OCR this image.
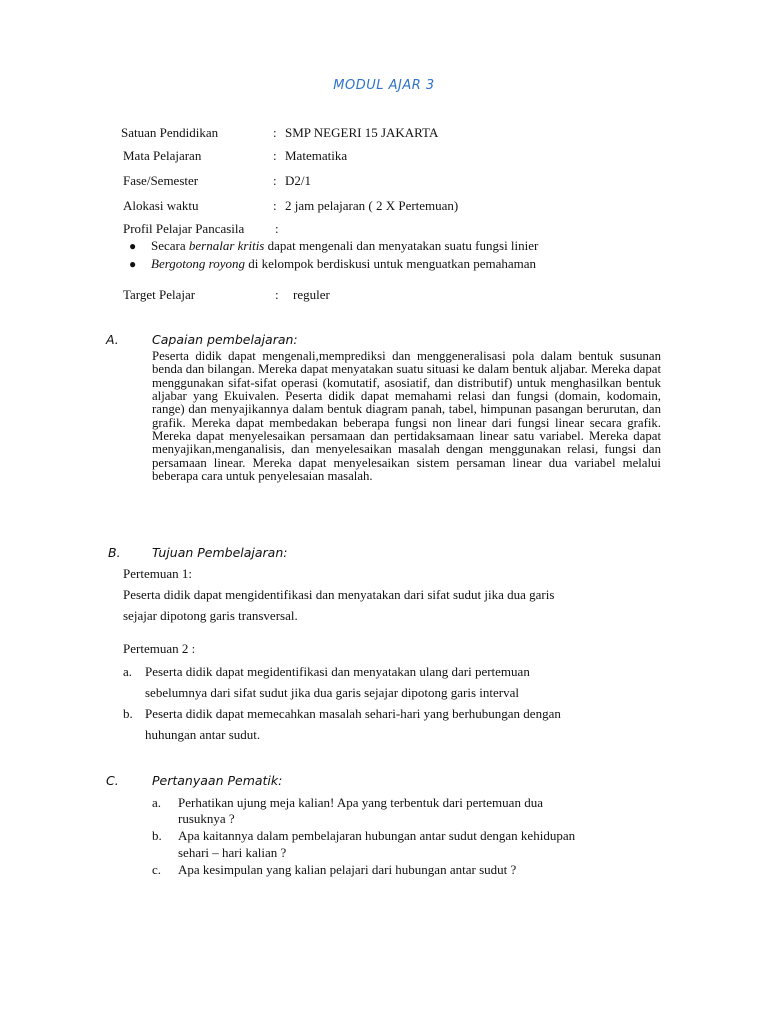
MODUL AJAR 3
Satuan Pendidikan	: SMP NEGERI 15 JAKARTA
Mata Pelajaran	: Matematika
Fase/Semester	: D2/1
Alokasi waktu	: 2 jam pelajaran ( 2 X Pertemuan)
Profil Pelajar Pancasila :
● Secara bernalar kritis dapat mengenali dan menyatakan suatu fungsi linier
● Bergotong royong di kelompok berdiskusi untuk menguatkan pemahaman
Target Pelajar	: reguler
A.	Capaian pembelajaran:
Peserta didik dapat mengenali,memprediksi dan menggeneralisasi pola dalam bentuk susunan benda dan bilangan. Mereka dapat menyatakan suatu situasi ke dalam bentuk aljabar. Mereka dapat menggunakan sifat-sifat operasi (komutatif, asosiatif, dan distributif) untuk menghasilkan bentuk aljabar yang Ekuivalen. Peserta didik dapat memahami relasi dan fungsi (domain, kodomain, range) dan menyajikannya dalam bentuk diagram panah, tabel, himpunan pasangan berurutan, dan grafik. Mereka dapat membedakan beberapa fungsi non linear dari fungsi linear secara grafik. Mereka dapat menyelesaikan persamaan dan pertidaksamaan linear satu variabel. Mereka dapat menyajikan,menganalisis, dan menyelesaikan masalah dengan menggunakan relasi, fungsi dan persamaan linear. Mereka dapat menyelesaikan sistem persaman linear dua variabel melalui beberapa cara untuk penyelesaian masalah.
B.	Tujuan Pembelajaran:
Pertemuan 1:
Peserta didik dapat mengidentifikasi dan menyatakan dari sifat sudut jika dua garis
sejajar dipotong garis transversal.
Pertemuan 2 :
a. Peserta didik dapat megidentifikasi dan menyatakan ulang dari pertemuan
sebelumnya dari sifat sudut jika dua garis sejajar dipotong garis interval
b. Peserta didik dapat memecahkan masalah sehari-hari yang berhubungan dengan
huhungan antar sudut.
C.	Pertanyaan Pematik:
a. Perhatikan ujung meja kalian! Apa yang terbentuk dari pertemuan dua
rusuknya ?
b. Apa kaitannya dalam pembelajaran hubungan antar sudut dengan kehidupan
sehari – hari kalian ?
c. Apa kesimpulan yang kalian pelajari dari hubungan antar sudut ?
